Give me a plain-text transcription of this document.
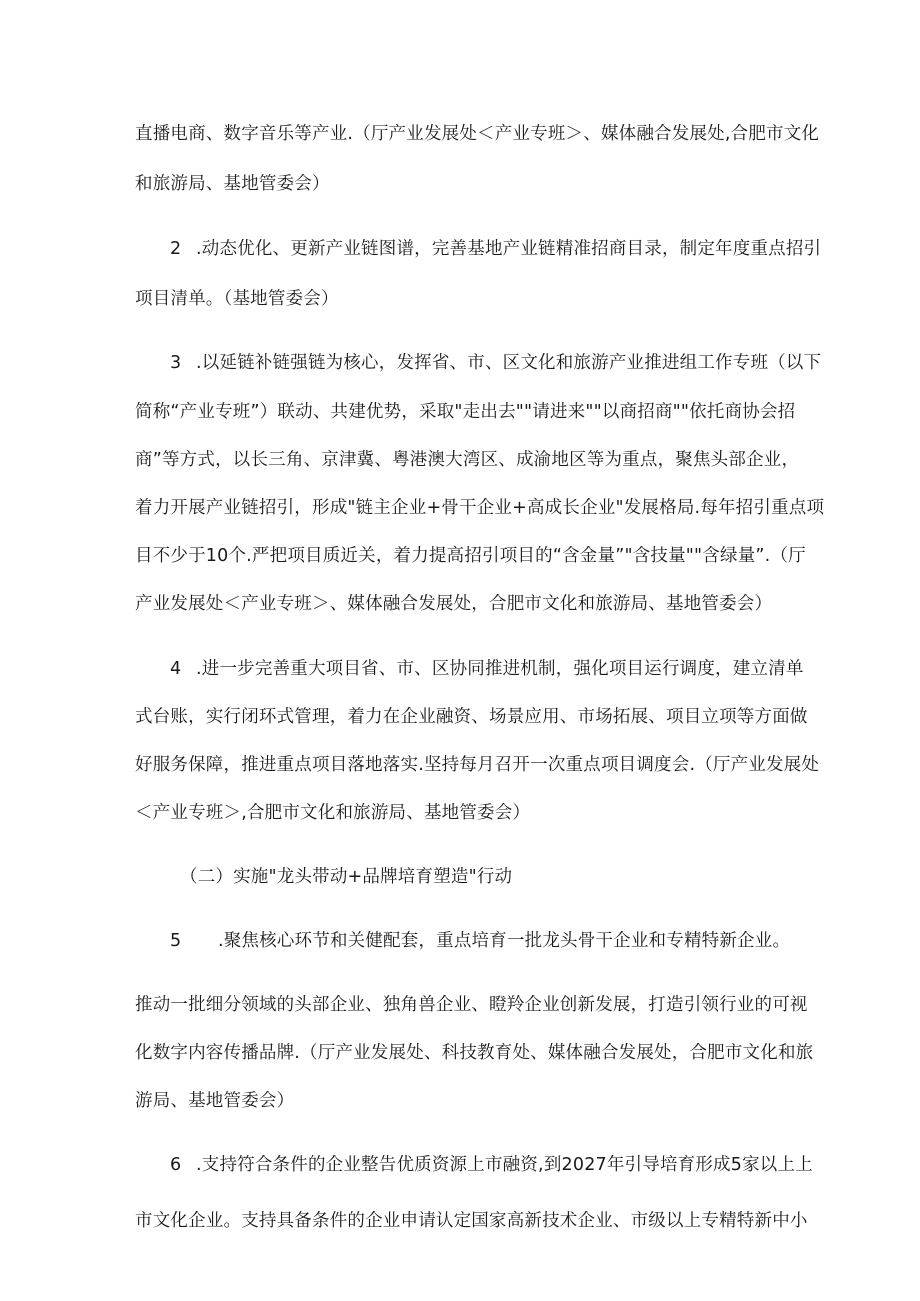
直播电商、数字音乐等产业.（厅产业发展处＜产业专班＞、媒体融合发展处,合肥市文化
和旅游局、基地管委会）
2 .动态优化、更新产业链图谱，完善基地产业链精准招商目录，制定年度重点招引
项目清单。（基地管委会）
3 .以延链补链强链为核心，发挥省、市、区文化和旅游产业推进组工作专班（以下
简称“产业专班”）联动、共建优势，采取"走出去""请进来""以商招商""依托商协会招
商”等方式，以长三角、京津冀、粤港澳大湾区、成渝地区等为重点，聚焦头部企业，
着力开展产业链招引，形成"链主企业+骨干企业+高成长企业"发展格局.每年招引重点项
目不少于10个.严把项目质近关，着力提高招引项目的“含金量”"含技量""含绿量”.（厅
产业发展处＜产业专班＞、媒体融合发展处，合肥市文化和旅游局、基地管委会）
4 .进一步完善重大项目省、市、区协同推进机制，强化项目运行调度，建立清单
式台账，实行闭环式管理，着力在企业融资、场景应用、市场拓展、项目立项等方面做
好服务保障，推进重点项目落地落实.坚持每月召开一次重点项目调度会.（厅产业发展处
＜产业专班＞,合肥市文化和旅游局、基地管委会）
（二）实施"龙头带动+品牌培育塑造"行动
5 .聚焦核心环节和关健配套，重点培育一批龙头骨干企业和专精特新企业。
推动一批细分领域的头部企业、独角兽企业、瞪羚企业创新发展，打造引领行业的可视
化数字内容传播品牌.（厅产业发展处、科技教育处、媒体融合发展处，合肥市文化和旅
游局、基地管委会）
6 .支持符合条件的企业整告优质资源上市融资,到2027年引导培育形成5家以上上
市文化企业。支持具备条件的企业申请认定国家高新技术企业、市级以上专精特新中小
